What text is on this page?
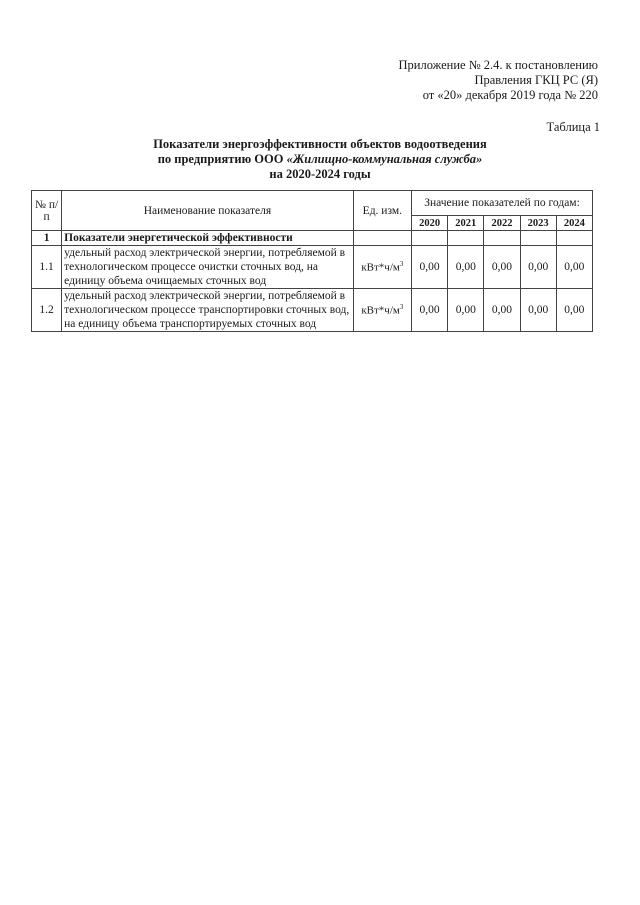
Приложение № 2.4. к постановлению
Правления ГКЦ РС (Я)
от «20» декабря 2019 года № 220
Таблица 1
Показатели энергоэффективности объектов водоотведения
по предприятию ООО «Жилищно-коммунальная служба»
на 2020-2024 годы
№ п/п	Наименование показателя	Ед. изм.	Значение показателей по годам:				
			2020	2021	2022	2023	2024
1	Показатели энергетической эффективности						
1.1	удельный расход электрической энергии, потребляемой в технологическом процессе очистки сточных вод, на единицу объема очищаемых сточных вод	$кВт*ч/м^3$	0,00	0,00	0,00	0,00	0,00
1.2	удельный расход электрической энергии, потребляемой в технологическом процессе транспортировки сточных вод, на единицу объема транспортируемых сточных вод	$кВт*ч/м^3$	0,00	0,00	0,00	0,00	0,00
